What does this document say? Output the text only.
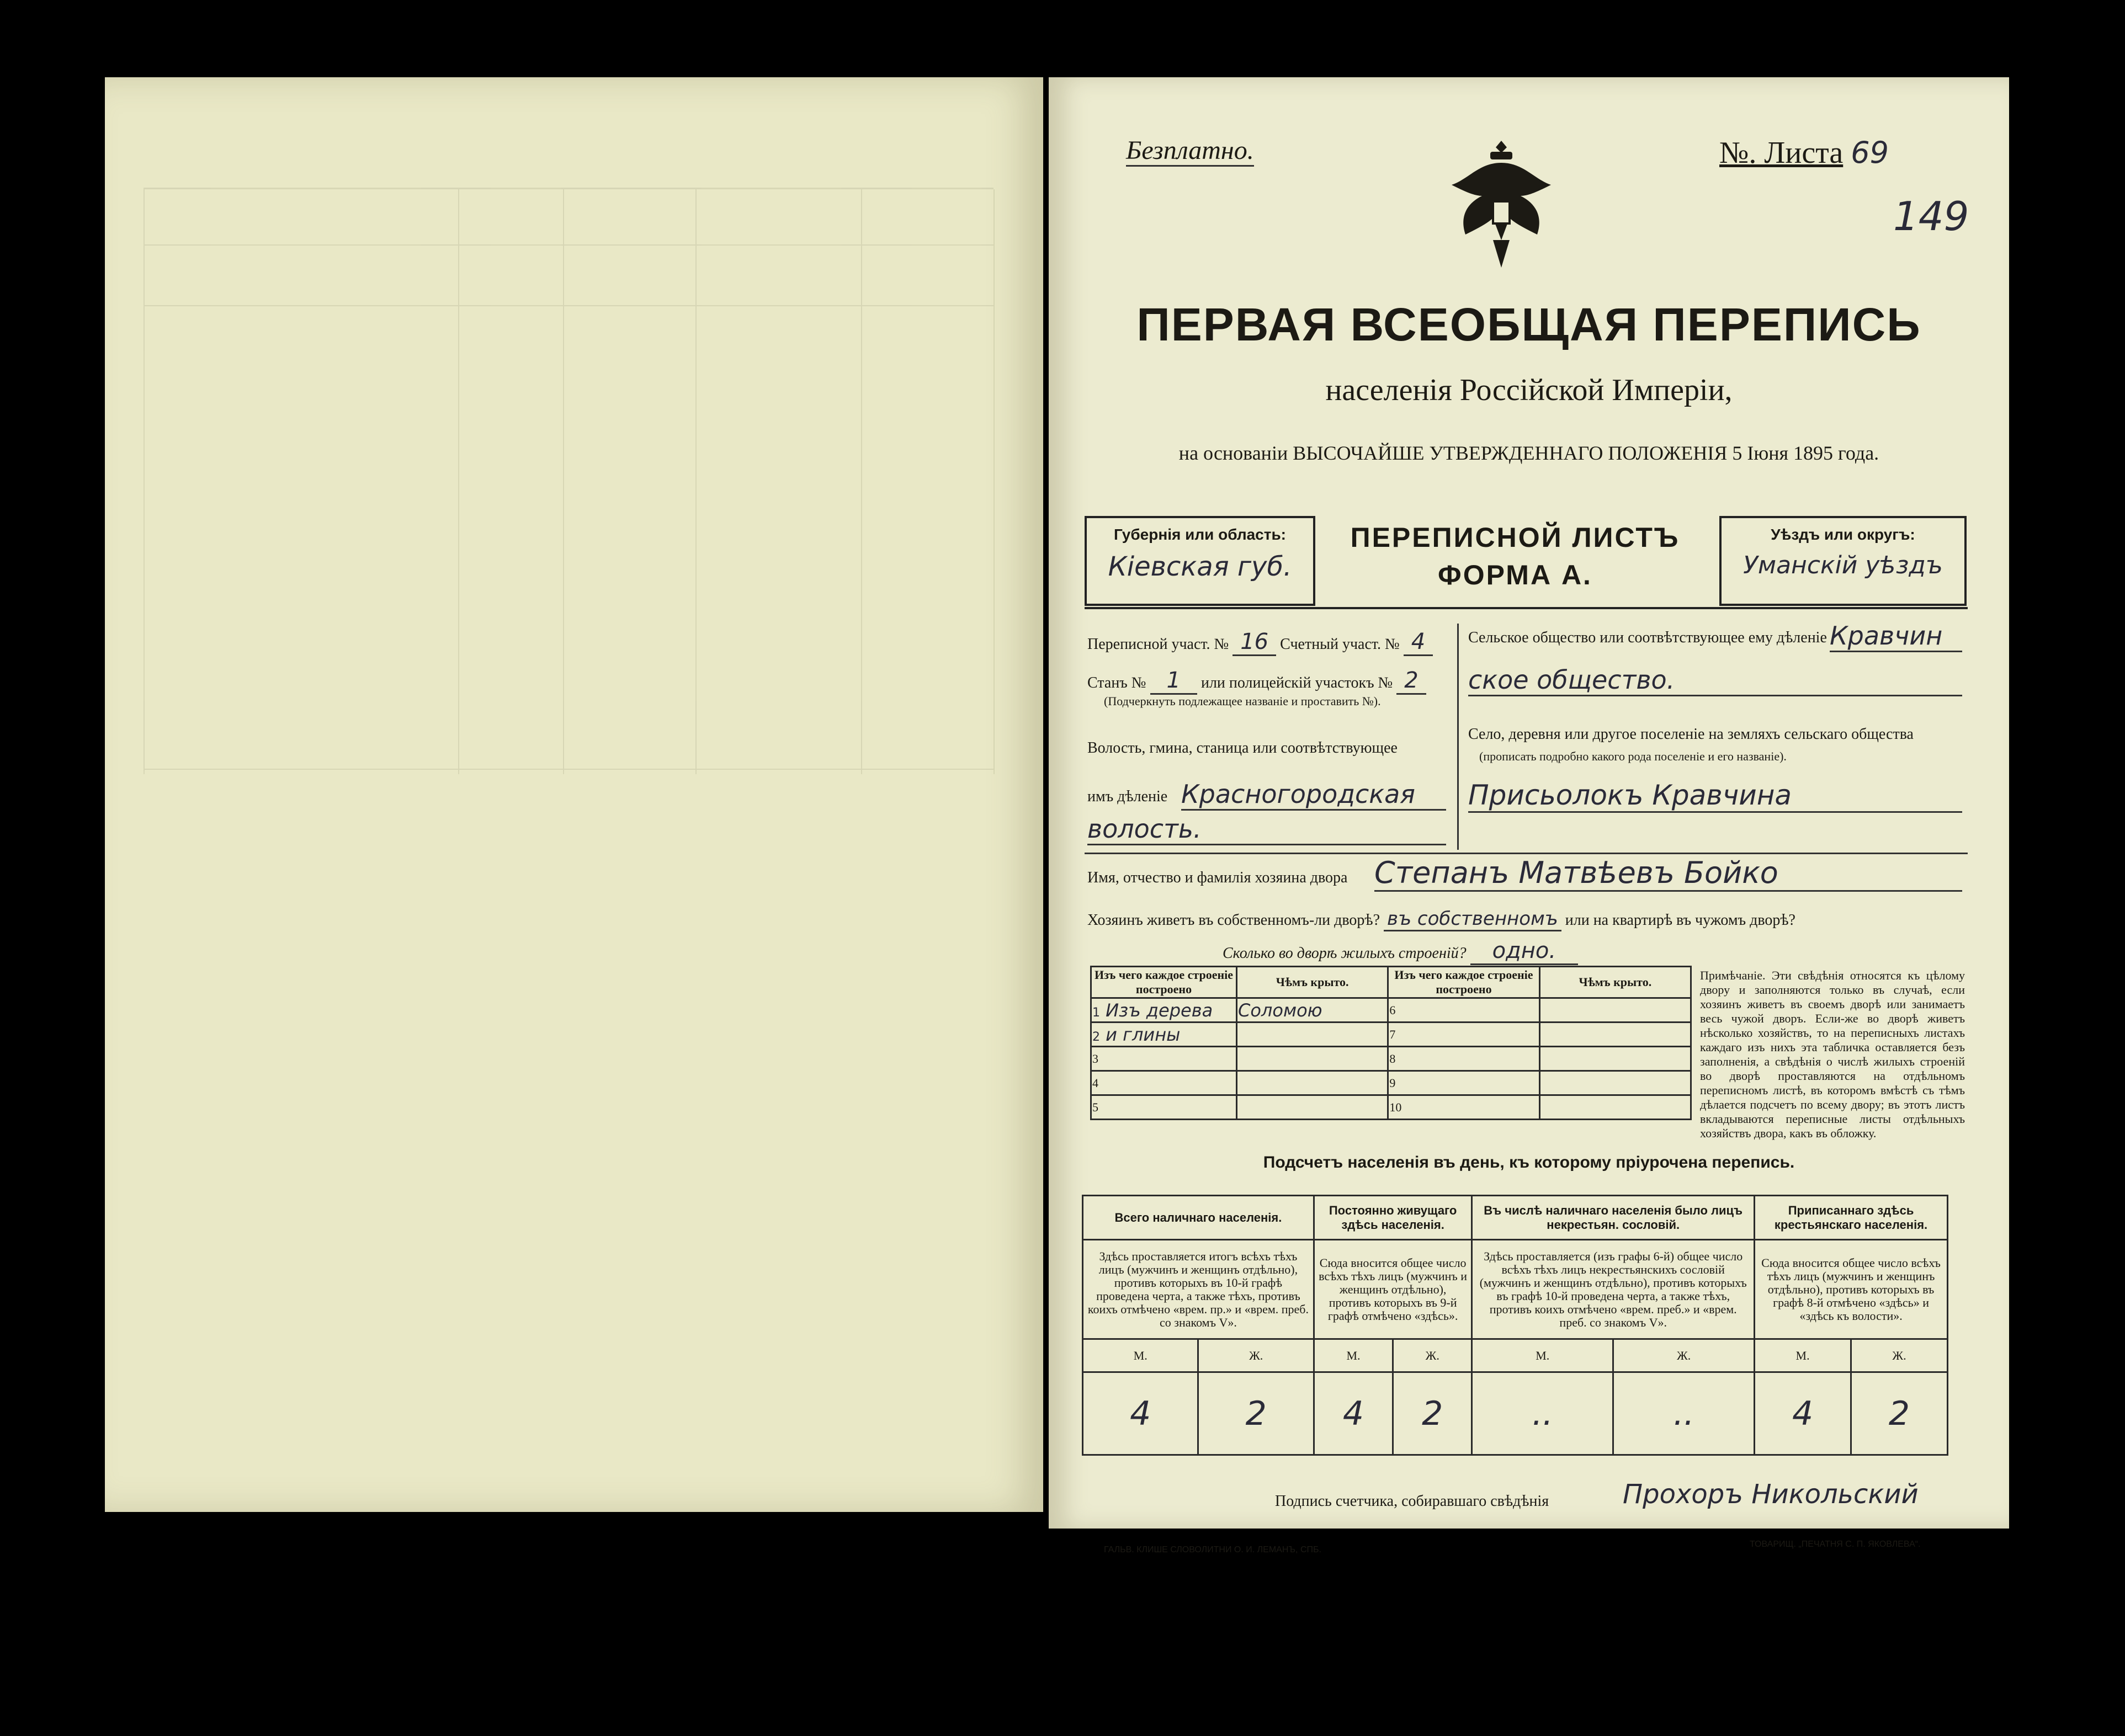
Безплатно.	№. Листа 69
149
ПЕРВАЯ ВСЕОБЩАЯ ПЕРЕПИСЬ
населенія Россійской Имперіи,
на основаніи ВЫСОЧАЙШЕ УТВЕРЖДЕННАГО ПОЛОЖЕНІЯ 5 Іюня 1895 года.
Губернія или область:
Кіевская губ.
ПЕРЕПИСНОЙ ЛИСТЪ
ФОРМА А.
Уѣздъ или округъ:
Уманскій уѣздъ
Переписной участ. № 16 Счетный участ. № 4
Станъ № 1 или полицейскій участокъ № 2
(Подчеркнуть подлежащее названіе и проставить №).
Волость, гмина, станица или соотвѣтствующее
имъ дѣленіе Красногородская
волость.
Сельское общество или соотвѣтствующее ему дѣленіе Кравчин
ское общество.
Село, деревня или другое поселеніе на земляхъ сельскаго общества
(прописать подробно какого рода поселеніе и его названіе).
Присьолокъ Кравчина
Имя, отчество и фамилія хозяина двора Степанъ Матвѣевъ Бойко
Хозяинъ живетъ въ собственномъ-ли дворѣ? въ собственномъ или на квартирѣ въ чужомъ дворѣ?
Сколько во дворѣ жилыхъ строеній? одно.
Изъ чего каждое строеніе построено	Чѣмъ крыто.	Изъ чего каждое строеніе построено	Чѣмъ крыто.
1 Изъ дерева	Соломою	6	
2 и глины		7	
3		8	
4		9	
5		10	
Примѣчаніе. Эти свѣдѣнія относятся къ цѣлому двору и заполняются только въ случаѣ, если хозяинъ живетъ въ своемъ дворѣ или занимаетъ весь чужой дворъ. Если-же во дворѣ живетъ нѣсколько хозяйствъ, то на переписныхъ листахъ каждаго изъ нихъ эта табличка оставляется безъ заполненія, а свѣдѣнія о числѣ жилыхъ строеній во дворѣ проставляются на отдѣльномъ переписномъ листѣ, въ которомъ вмѣстѣ съ тѣмъ дѣлается подсчетъ по всему двору; въ этотъ листъ вкладываются переписные листы отдѣльныхъ хозяйствъ двора, какъ въ обложку.
Подсчетъ населенія въ день, къ которому пріурочена перепись.
Всего наличнаго населенія.		Постоянно живущаго здѣсь населенія.		Въ числѣ наличнаго населенія было лицъ некрестьян. сословій.		Приписаннаго здѣсь крестьянскаго населенія.	
Здѣсь проставляется итогъ всѣхъ тѣхъ лицъ (мужчинъ и женщинъ отдѣльно), противъ которыхъ въ 10-й графѣ проведена черта, а также тѣхъ, противъ коихъ отмѣчено «врем. пр.» и «врем. преб. со знакомъ V».		Сюда вносится общее число всѣхъ тѣхъ лицъ (мужчинъ и женщинъ отдѣльно), противъ которыхъ въ 9-й графѣ отмѣчено «здѣсь».		Здѣсь проставляется (изъ графы 6-й) общее число всѣхъ тѣхъ лицъ некрестьянскихъ сословій (мужчинъ и женщинъ отдѣльно), противъ которыхъ въ графѣ 10-й проведена черта, а также тѣхъ, противъ коихъ отмѣчено «врем. преб.» и «врем. преб. со знакомъ V».		Сюда вносится общее число всѣхъ тѣхъ лицъ (мужчинъ и женщинъ отдѣльно), противъ которыхъ въ графѣ 8-й отмѣчено «здѣсь» и «здѣсь къ волости».	
М.	Ж.	М.	Ж.	М.	Ж.	М.	Ж.
4	2	4	2	..	..	4	2
Подпись счетчика, собиравшаго свѣдѣнія	Прохоръ Никольский
ГАЛЬВ. КЛИШЕ СЛОВОЛИТНИ О. И. ЛЕМАНЪ, СПБ.
ТОВАРИЩ. „ПЕЧАТНЯ С. П. ЯКОВЛЕВА“.
